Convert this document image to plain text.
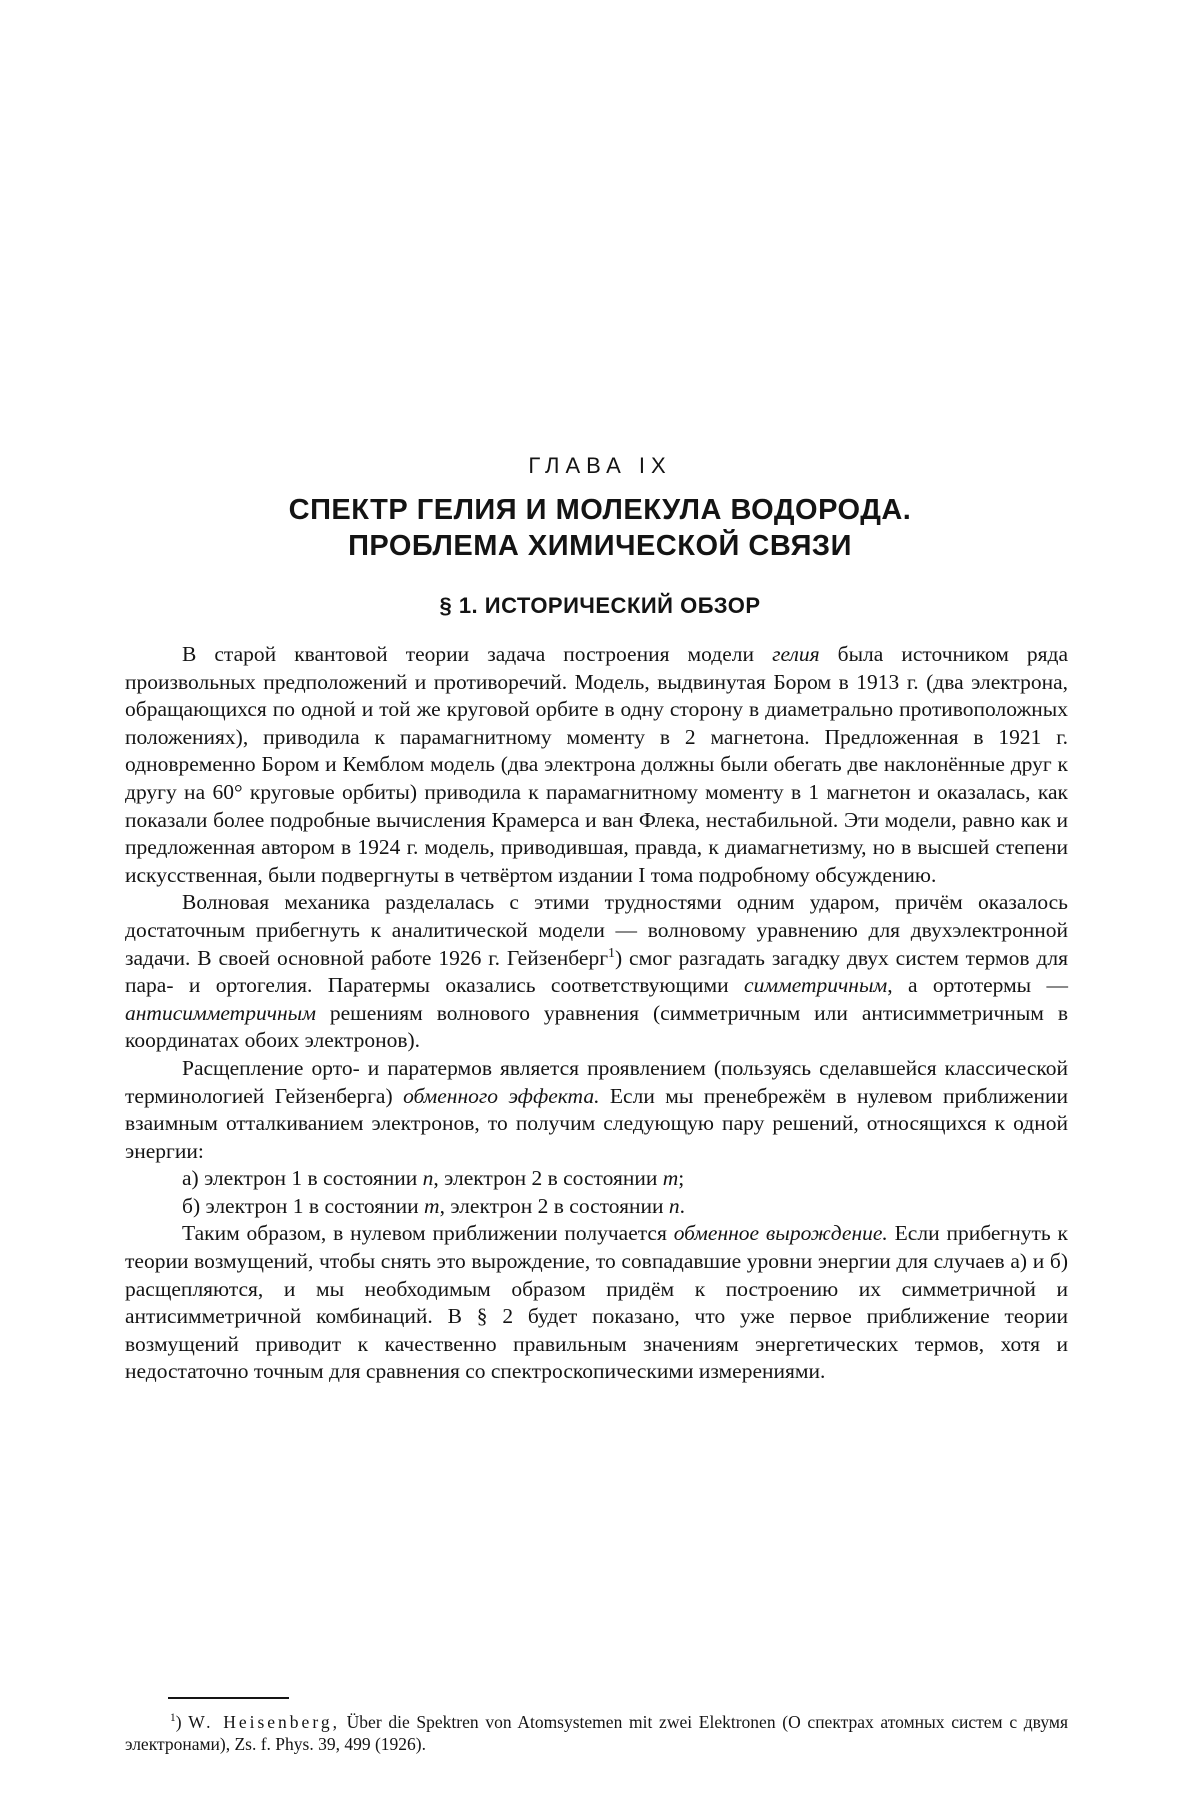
ГЛАВА IX
СПЕКТР ГЕЛИЯ И МОЛЕКУЛА ВОДОРОДА.
ПРОБЛЕМА ХИМИЧЕСКОЙ СВЯЗИ
§ 1. ИСТОРИЧЕСКИЙ ОБЗОР

В старой квантовой теории задача построения модели гелия была источником ряда произвольных предположений и противоречий. Модель, выдвинутая Бором в 1913 г. (два электрона, обращающихся по одной и той же круговой орбите в одну сторону в диаметрально противоположных положениях), приводила к парамагнитному моменту в 2 магнетона. Предложенная в 1921 г. одновременно Бором и Кемблом модель (два электрона должны были обегать две наклонённые друг к другу на 60° круговые орбиты) приводила к парамагнитному моменту в 1 магнетон и оказалась, как показали более подробные вычисления Крамерса и ван Флека, нестабильной. Эти модели, равно как и предложенная автором в 1924 г. модель, приводившая, правда, к диамагнетизму, но в высшей степени искусственная, были подвергнуты в четвёртом издании I тома подробному обсуждению.

Волновая механика разделалась с этими трудностями одним ударом, причём оказалось достаточным прибегнуть к аналитической модели — волновому уравнению для двухэлектронной задачи. В своей основной работе 1926 г. Гейзенберг$^1$) смог разгадать загадку двух систем термов для пара- и ортогелия. Паратермы оказались соответствующими симметричным, а ортотермы — антисимметричным решениям волнового уравнения (симметричным или антисимметричным в координатах обоих электронов).

Расщепление орто- и паратермов является проявлением (пользуясь сделавшейся классической терминологией Гейзенберга) обменного эффекта. Если мы пренебрежём в нулевом приближении взаимным отталкиванием электронов, то получим следующую пару решений, относящихся к одной энергии:

а) электрон 1 в состоянии n, электрон 2 в состоянии m;

б) электрон 1 в состоянии m, электрон 2 в состоянии n.

Таким образом, в нулевом приближении получается обменное вырождение. Если прибегнуть к теории возмущений, чтобы снять это вырождение, то совпадавшие уровни энергии для случаев а) и б) расщепляются, и мы необходимым образом придём к построению их симметричной и антисимметричной комбинаций. В § 2 будет показано, что уже первое приближение теории возмущений приводит к качественно правильным значениям энергетических термов, хотя и недостаточно точным для сравнения со спектроскопическими измерениями.

$^1$) W. Heisenberg, Über die Spektren von Atomsystemen mit zwei Elektronen (О спектрах атомных систем с двумя электронами), Zs. f. Phys. 39, 499 (1926).
